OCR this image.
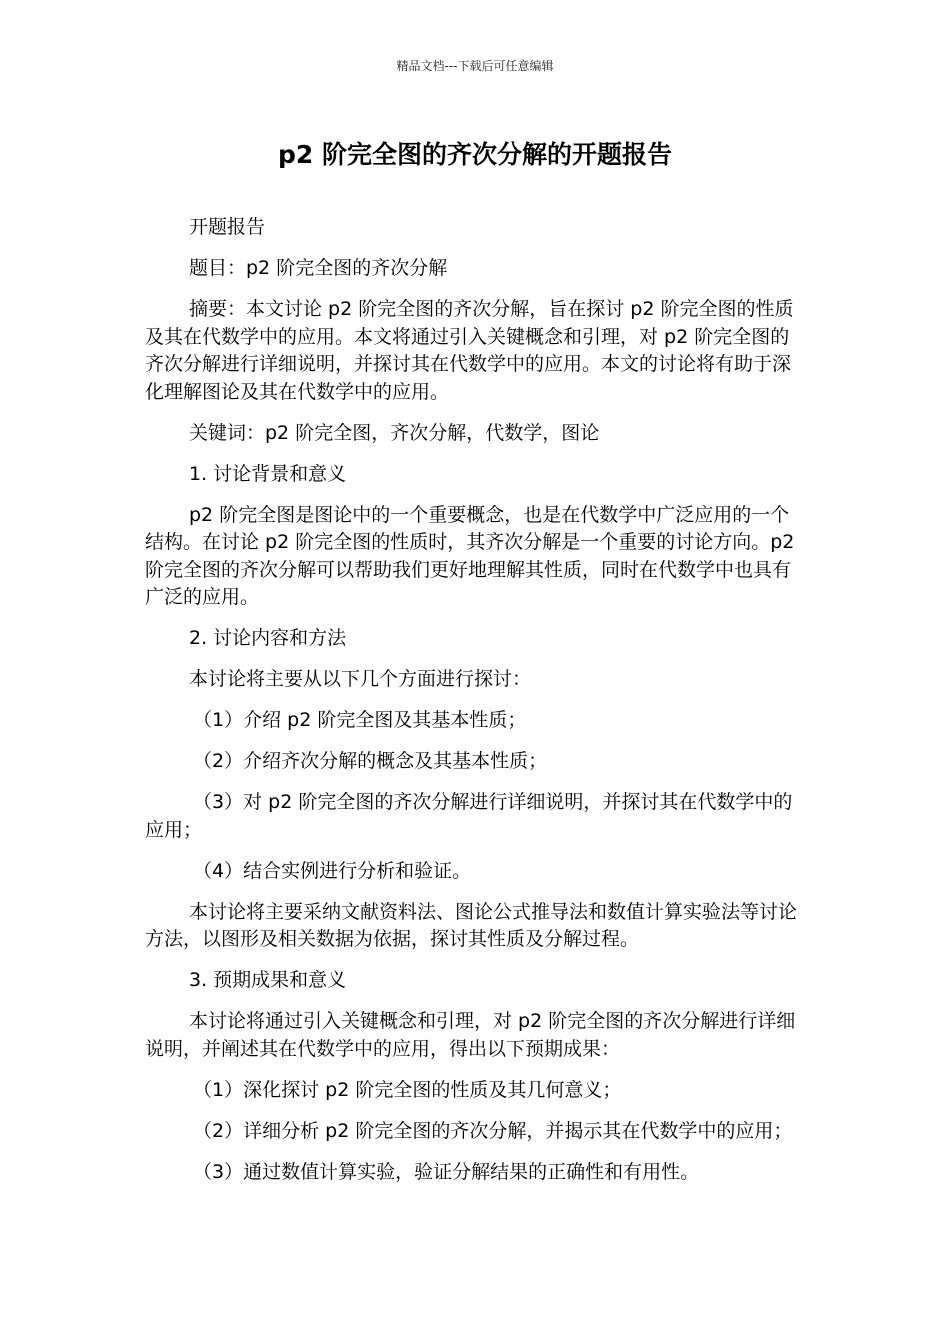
精品文档---下载后可任意编辑
p2 阶完全图的齐次分解的开题报告

开题报告

题目：p2 阶完全图的齐次分解

摘要：本文讨论 p2 阶完全图的齐次分解，旨在探讨 p2 阶完全图的性质及其在代数学中的应用。本文将通过引入关键概念和引理，对 p2 阶完全图的齐次分解进行详细说明，并探讨其在代数学中的应用。本文的讨论将有助于深化理解图论及其在代数学中的应用。

关键词：p2 阶完全图，齐次分解，代数学，图论

1. 讨论背景和意义

p2 阶完全图是图论中的一个重要概念，也是在代数学中广泛应用的一个结构。在讨论 p2 阶完全图的性质时，其齐次分解是一个重要的讨论方向。p2 阶完全图的齐次分解可以帮助我们更好地理解其性质，同时在代数学中也具有广泛的应用。

2. 讨论内容和方法

本讨论将主要从以下几个方面进行探讨：

（1）介绍 p2 阶完全图及其基本性质；

（2）介绍齐次分解的概念及其基本性质；

（3）对 p2 阶完全图的齐次分解进行详细说明，并探讨其在代数学中的应用；

（4）结合实例进行分析和验证。

本讨论将主要采纳文献资料法、图论公式推导法和数值计算实验法等讨论方法，以图形及相关数据为依据，探讨其性质及分解过程。

3. 预期成果和意义

本讨论将通过引入关键概念和引理，对 p2 阶完全图的齐次分解进行详细说明，并阐述其在代数学中的应用，得出以下预期成果：

（1）深化探讨 p2 阶完全图的性质及其几何意义；

（2）详细分析 p2 阶完全图的齐次分解，并揭示其在代数学中的应用；

（3）通过数值计算实验，验证分解结果的正确性和有用性。
